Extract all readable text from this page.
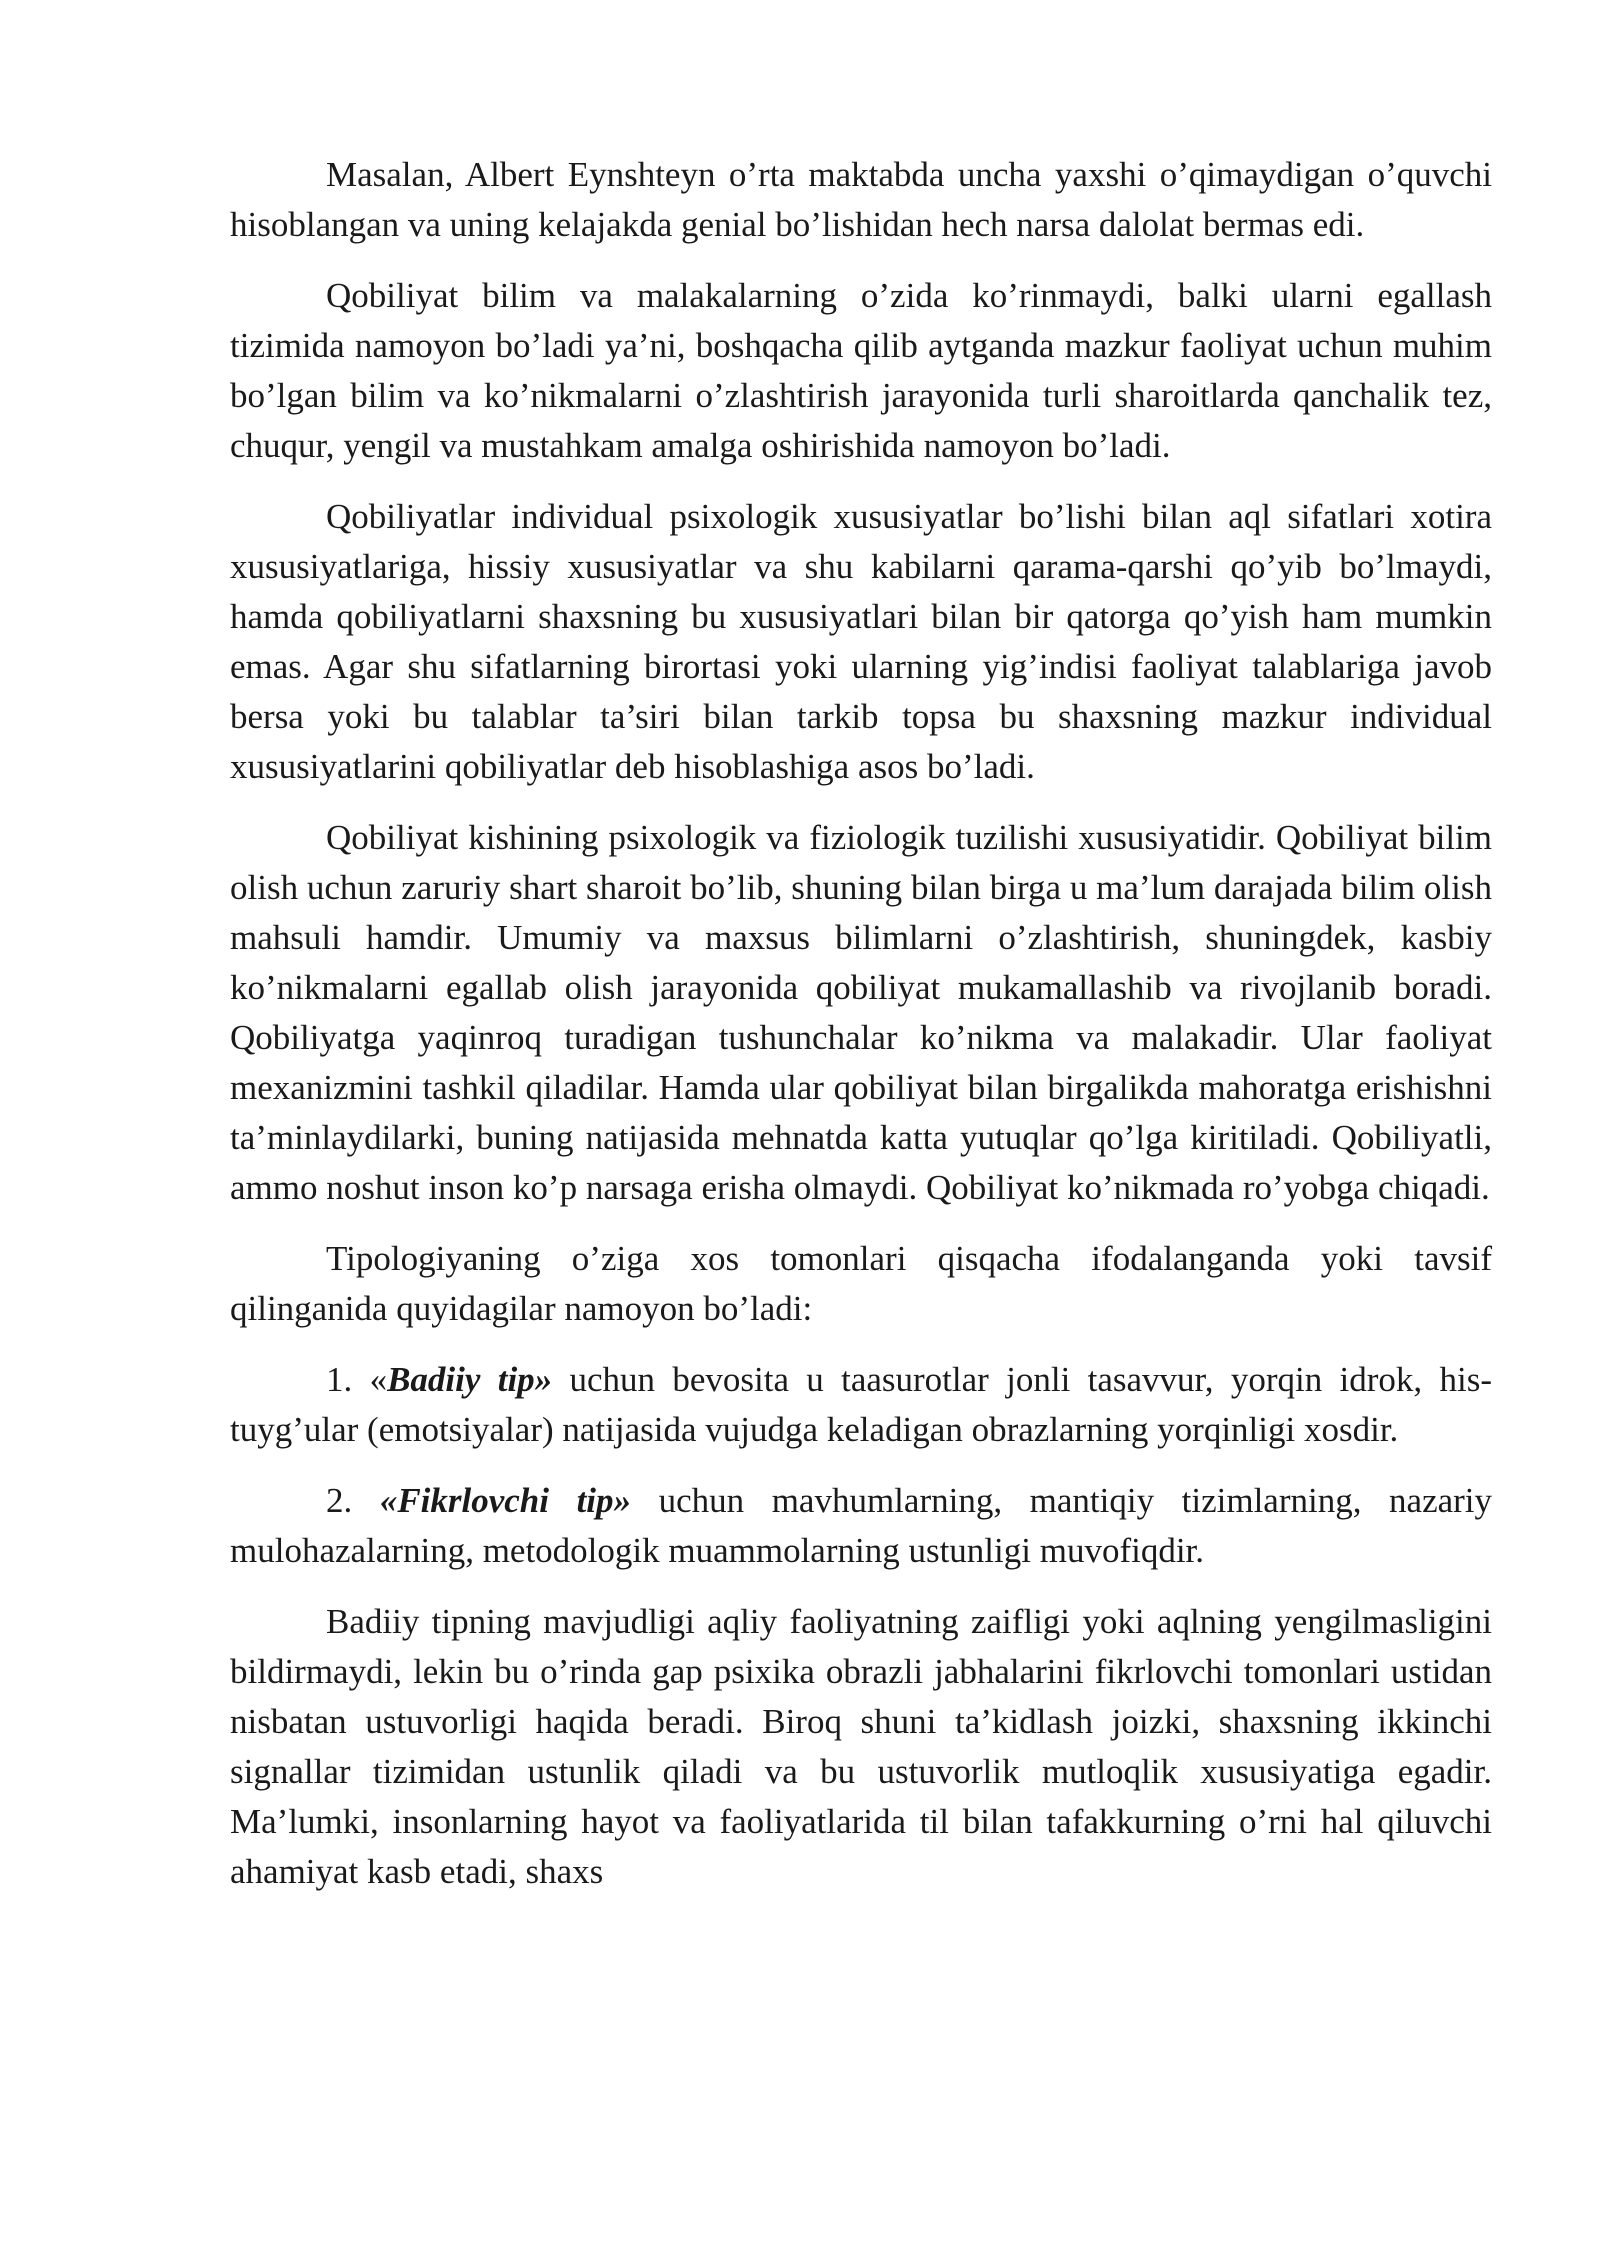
Masalan, Albert Eynshteyn o’rta maktabda uncha yaxshi o’qimaydigan o’quvchi hisoblangan va uning kelajakda genial bo’lishidan hech narsa dalolat bermas edi.

Qobiliyat bilim va malakalarning o’zida ko’rinmaydi, balki ularni egallash tizimida namoyon bo’ladi ya’ni, boshqacha qilib aytganda mazkur faoliyat uchun muhim bo’lgan bilim va ko’nikmalarni o’zlashtirish jarayonida turli sharoitlarda qanchalik tez, chuqur, yengil va mustahkam amalga oshirishida namoyon bo’ladi.

Qobiliyatlar individual psixologik xususiyatlar bo’lishi bilan aql sifatlari xotira xususiyatlariga, hissiy xususiyatlar va shu kabilarni qarama-qarshi qo’yib bo’lmaydi, hamda qobiliyatlarni shaxsning bu xususiyatlari bilan bir qatorga qo’yish ham mumkin emas. Agar shu sifatlarning birortasi yoki ularning yig’indisi faoliyat talablariga javob bersa yoki bu talablar ta’siri bilan tarkib topsa bu shaxsning mazkur individual xususiyatlarini qobiliyatlar deb hisoblashiga asos bo’ladi.

Qobiliyat kishining psixologik va fiziologik tuzilishi xususiyatidir. Qobiliyat bilim olish uchun zaruriy shart sharoit bo’lib, shuning bilan birga u ma’lum darajada bilim olish mahsuli hamdir. Umumiy va maxsus bilimlarni o’zlashtirish, shuningdek, kasbiy ko’nikmalarni egallab olish jarayonida qobiliyat mukamallashib va rivojlanib boradi. Qobiliyatga yaqinroq turadigan tushunchalar ko’nikma va malakadir. Ular faoliyat mexanizmini tashkil qiladilar. Hamda ular qobiliyat bilan birgalikda mahoratga erishishni ta’minlaydilarki, buning natijasida mehnatda katta yutuqlar qo’lga kiritiladi. Qobiliyatli, ammo noshut inson ko’p narsaga erisha olmaydi. Qobiliyat ko’nikmada ro’yobga chiqadi.

Tipologiyaning o’ziga xos tomonlari qisqacha ifodalanganda yoki tavsif qilinganida quyidagilar namoyon bo’ladi:

1. «Badiiy tip» uchun bevosita u taasurotlar jonli tasavvur, yorqin idrok, his-tuyg’ular (emotsiyalar) natijasida vujudga keladigan obrazlarning yorqinligi xosdir.

2. «Fikrlovchi tip» uchun mavhumlarning, mantiqiy tizimlarning, nazariy mulohazalarning, metodologik muammolarning ustunligi muvofiqdir.

Badiiy tipning mavjudligi aqliy faoliyatning zaifligi yoki aqlning yengilmasligini bildirmaydi, lekin bu o’rinda gap psixika obrazli jabhalarini fikrlovchi tomonlari ustidan nisbatan ustuvorligi haqida beradi. Biroq shuni ta’kidlash joizki, shaxsning ikkinchi signallar tizimidan ustunlik qiladi va bu ustuvorlik mutloqlik xususiyatiga egadir. Ma’lumki, insonlarning hayot va faoliyatlarida til bilan tafakkurning o’rni hal qiluvchi ahamiyat kasb etadi, shaxs
